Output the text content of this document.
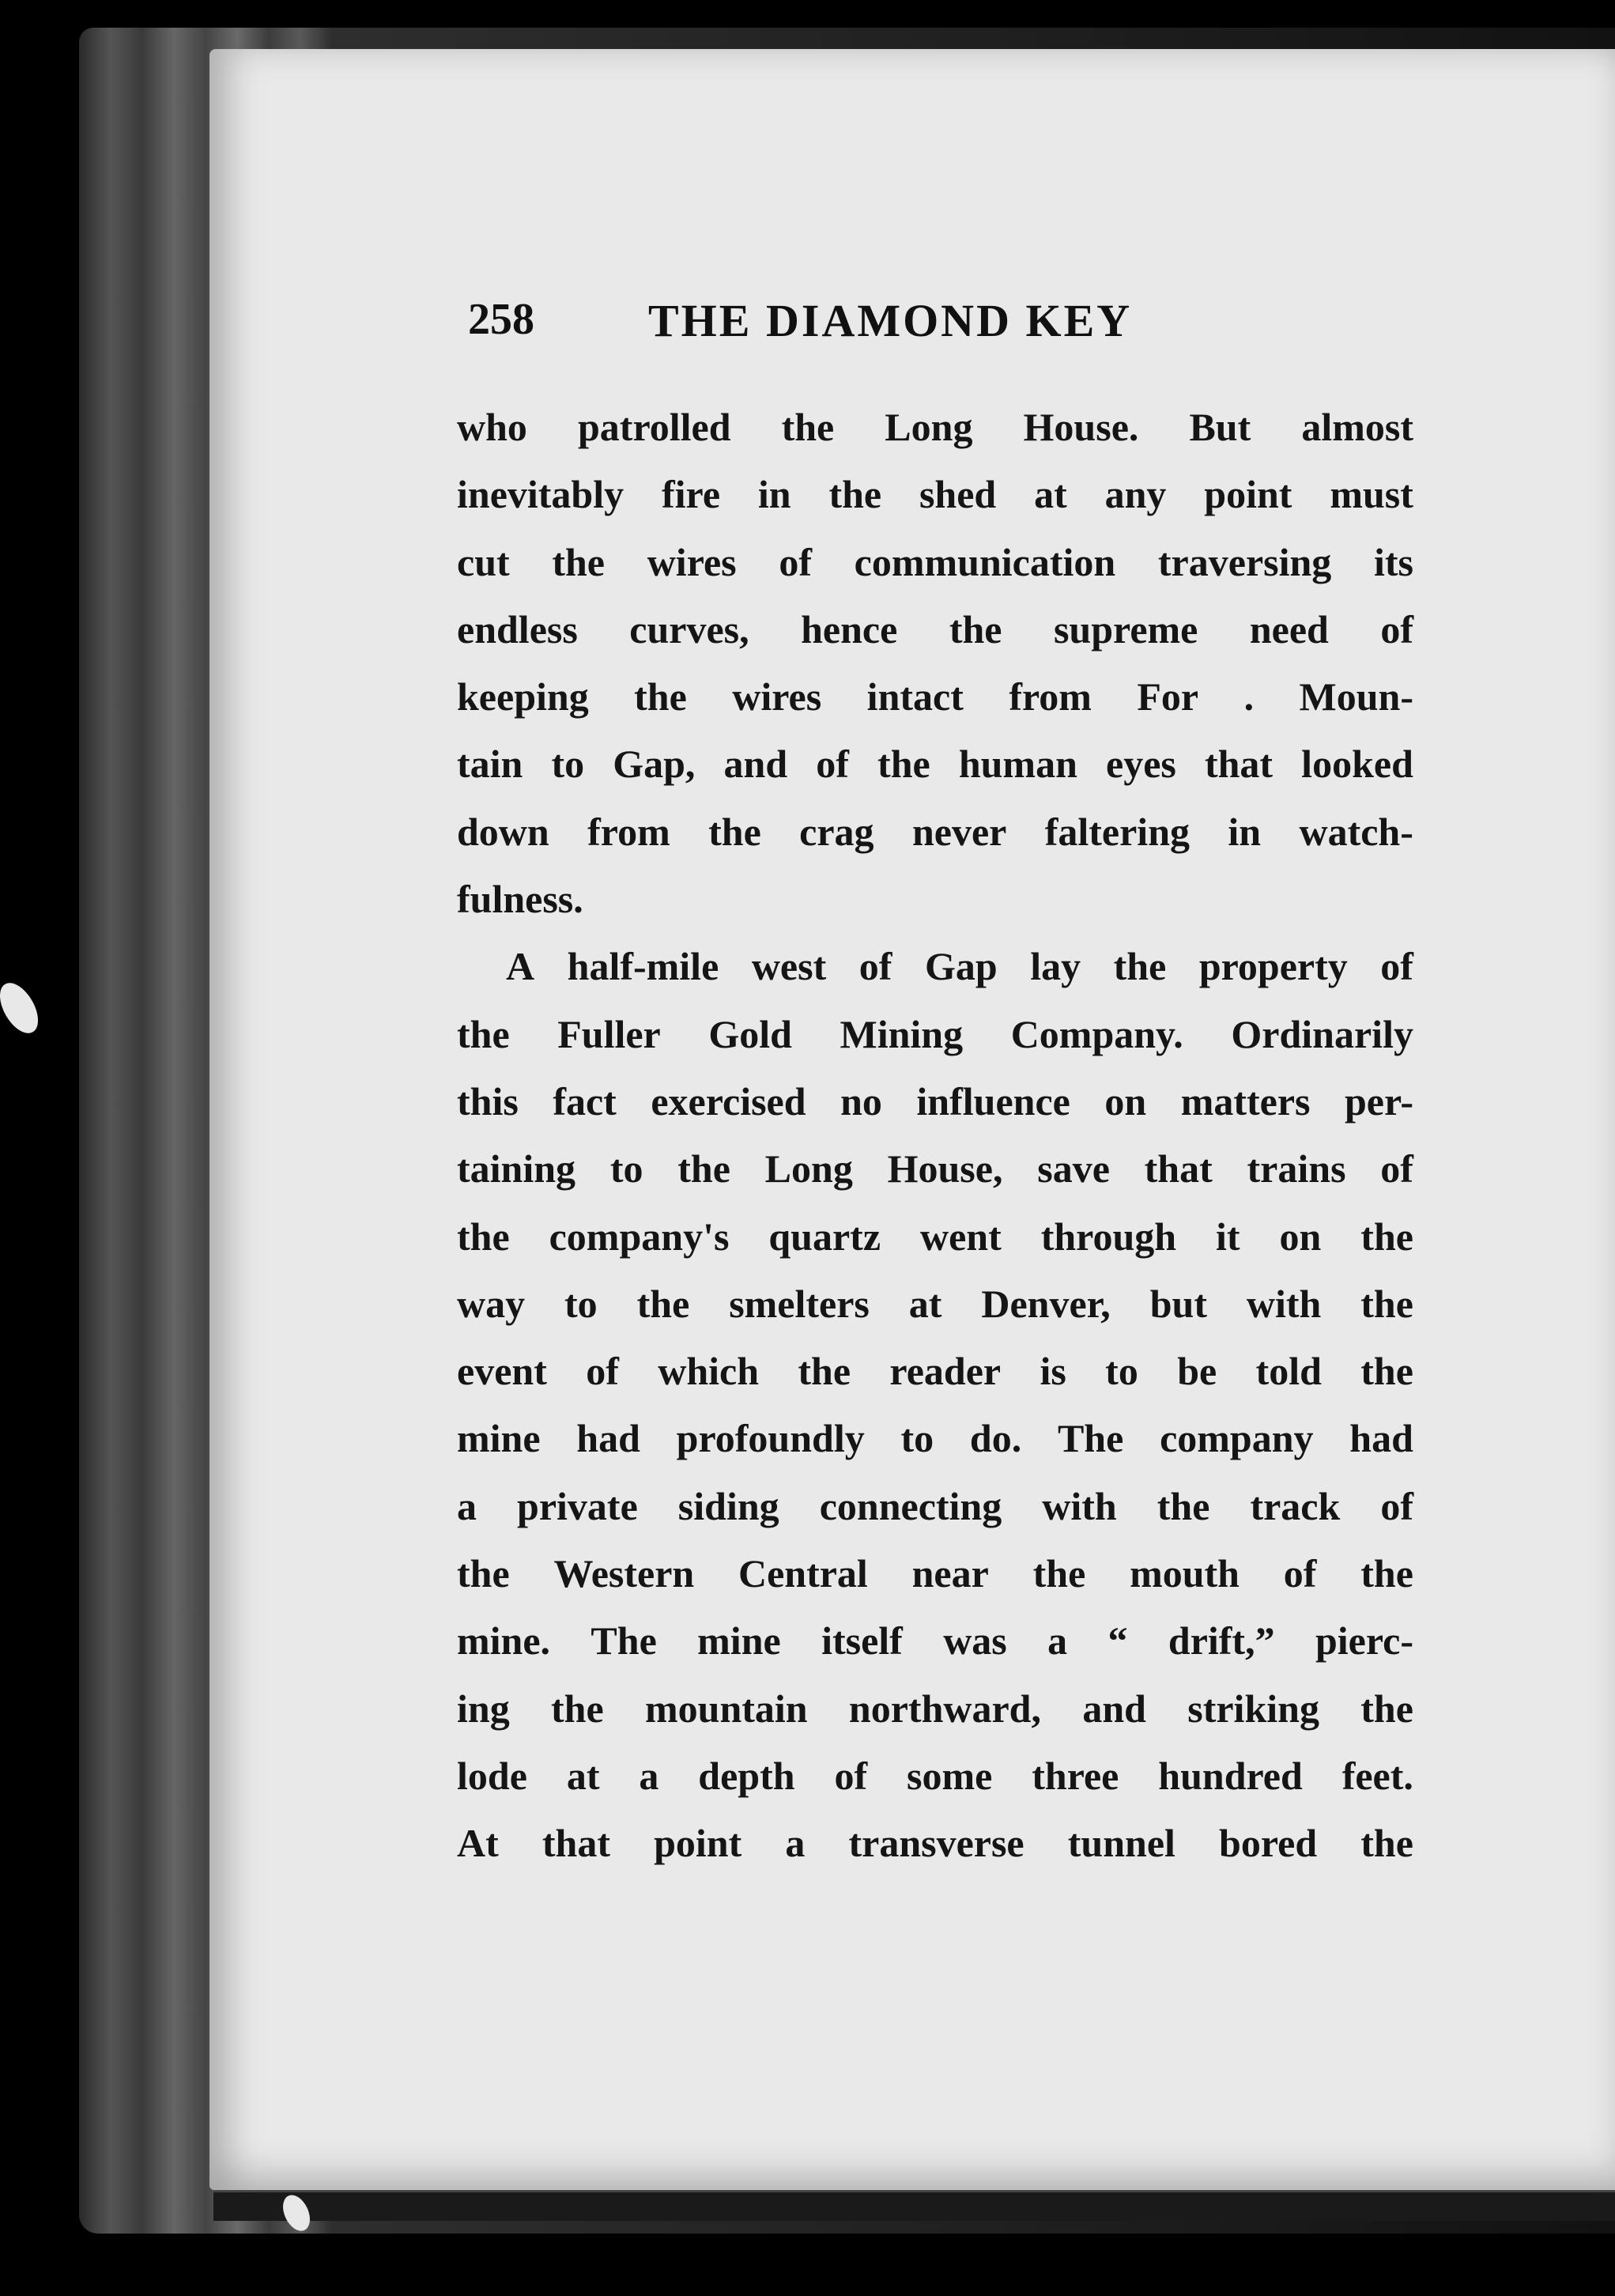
258 THE DIAMOND KEY
who patrolled the Long House. But almost
inevitably fire in the shed at any point must
cut the wires of communication traversing its
endless curves, hence the supreme need of
keeping the wires intact from For . Moun-
tain to Gap, and of the human eyes that looked
down from the crag never faltering in watch-
fulness.
A half-mile west of Gap lay the property of
the Fuller Gold Mining Company. Ordinarily
this fact exercised no influence on matters per-
taining to the Long House, save that trains of
the company's quartz went through it on the
way to the smelters at Denver, but with the
event of which the reader is to be told the
mine had profoundly to do. The company had
a private siding connecting with the track of
the Western Central near the mouth of the
mine. The mine itself was a “ drift,” pierc-
ing the mountain northward, and striking the
lode at a depth of some three hundred feet.
At that point a transverse tunnel bored the
